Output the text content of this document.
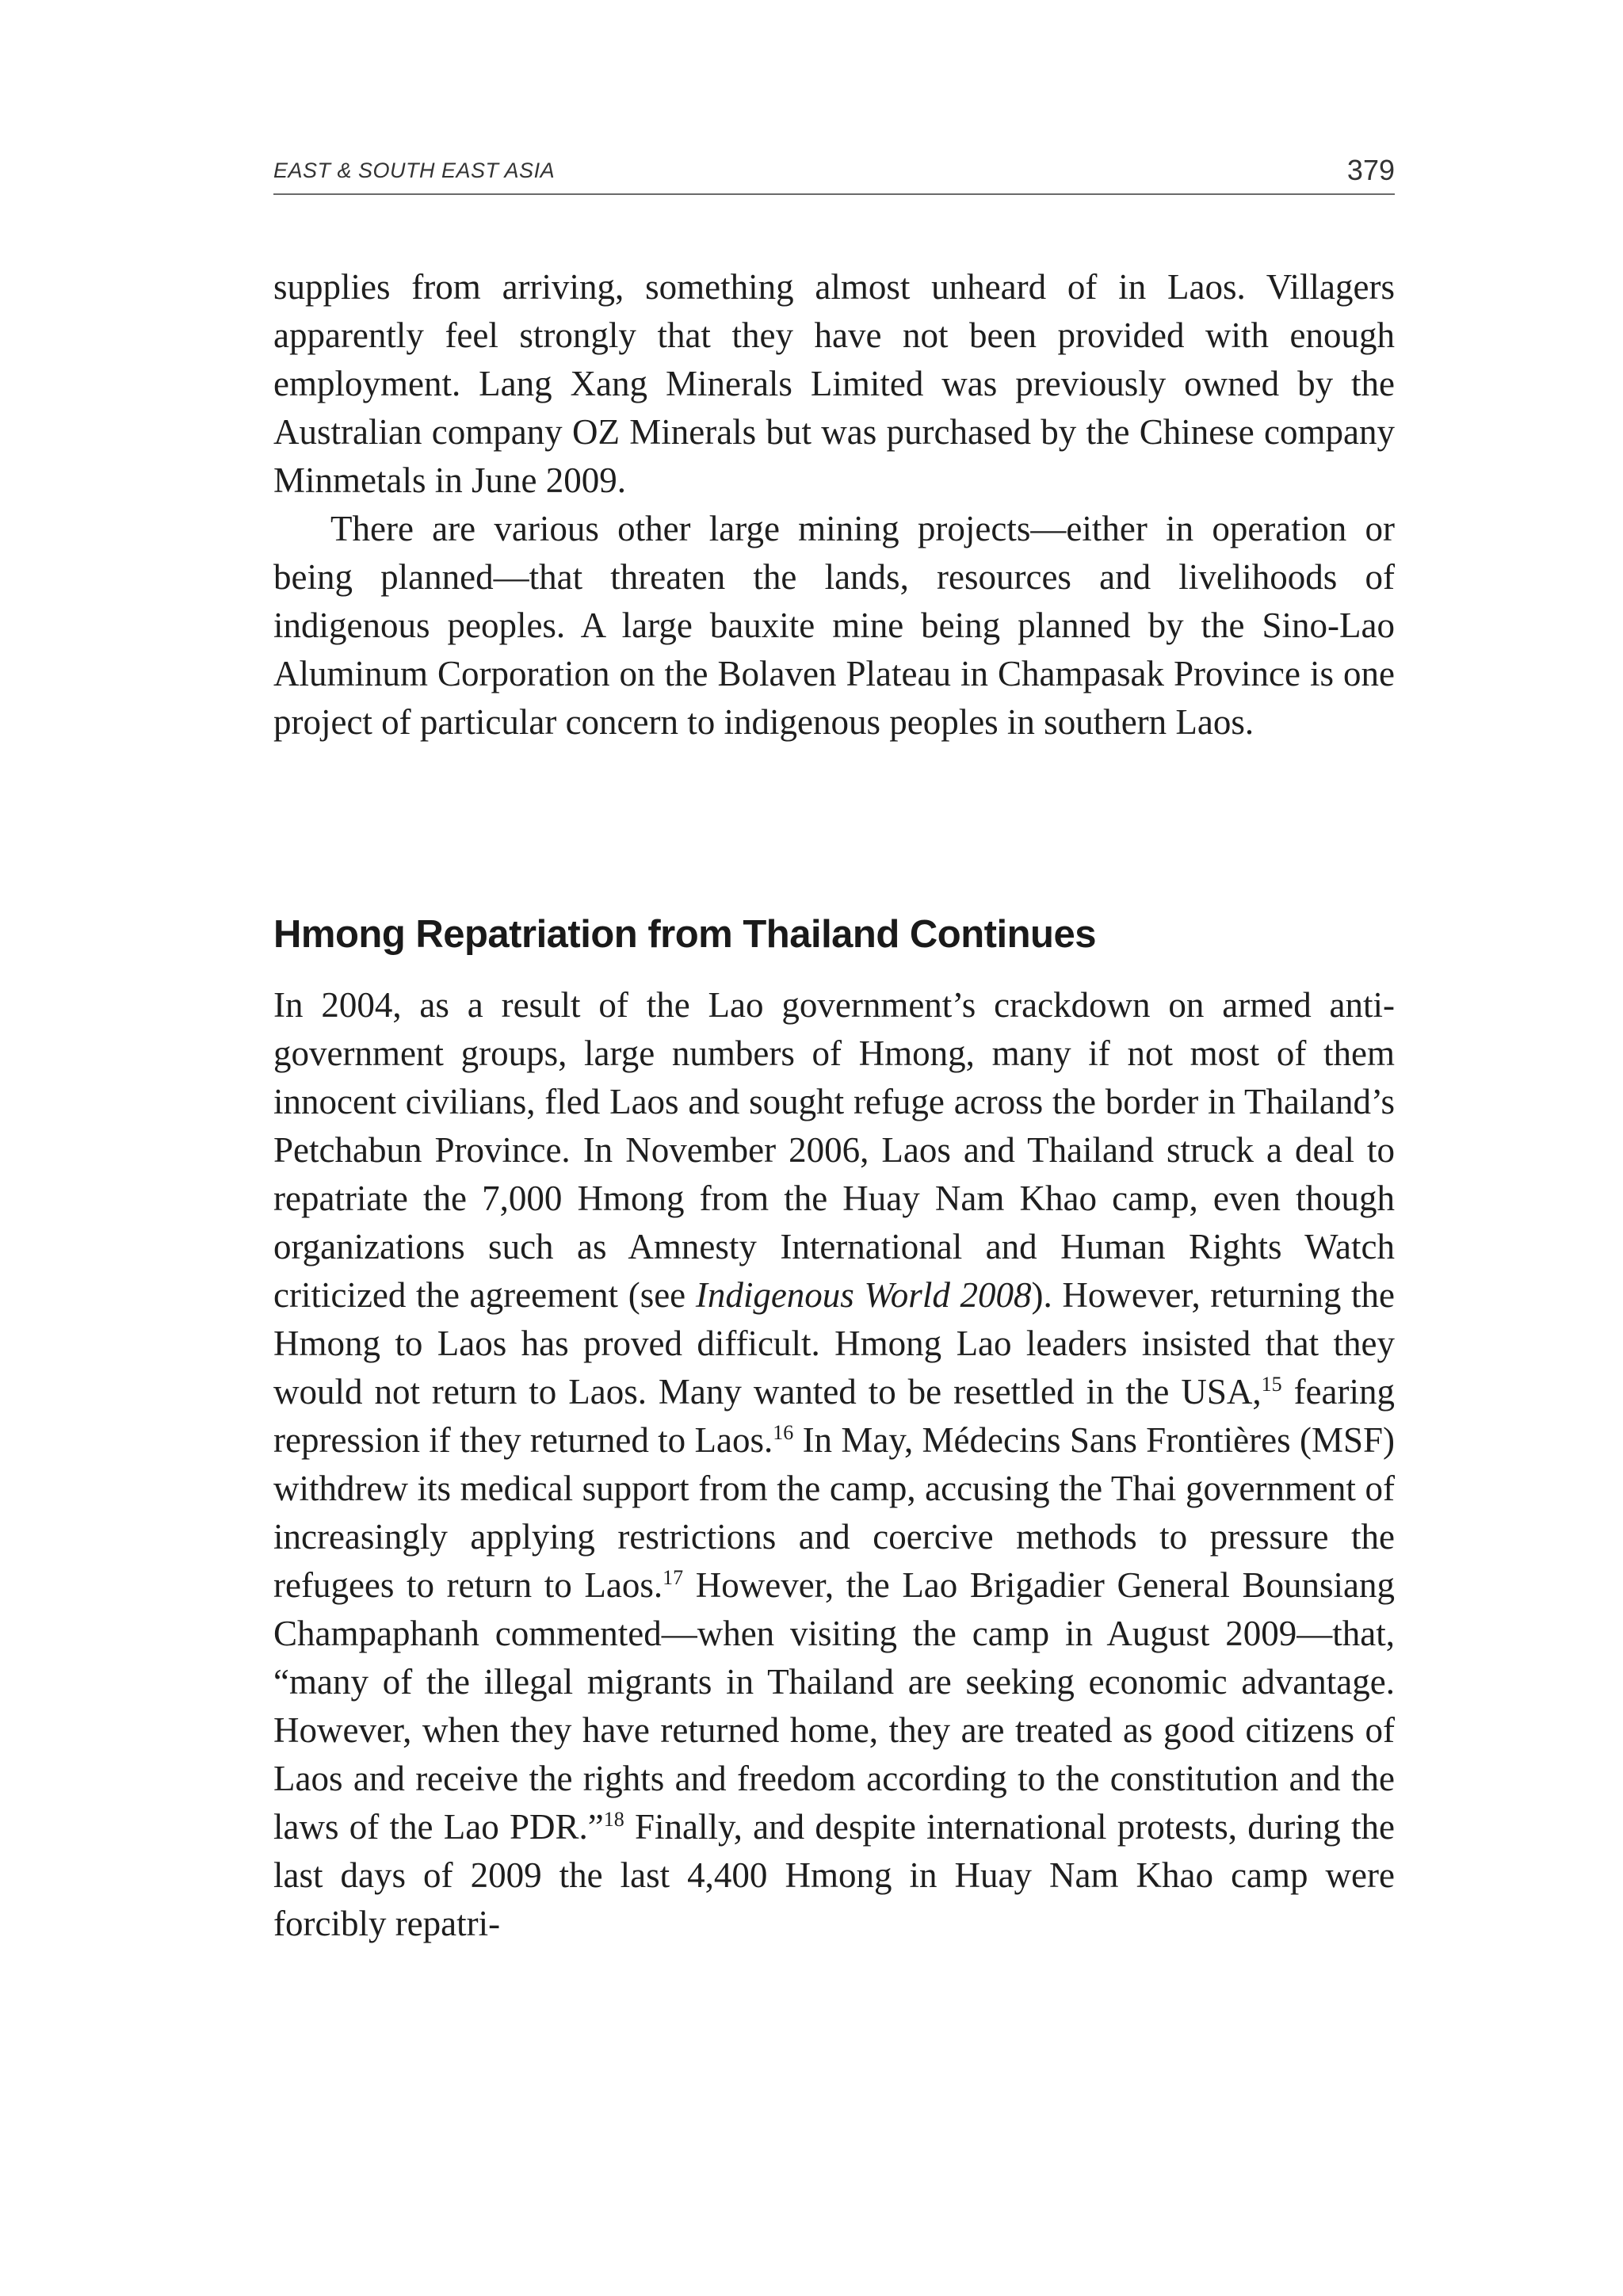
EAST & SOUTH EAST ASIA	379

supplies from arriving, something almost unheard of in Laos. Villagers apparently feel strongly that they have not been provided with enough employment. Lang Xang Minerals Limited was previously owned by the Australian company OZ Minerals but was purchased by the Chinese company Minmetals in June 2009.

There are various other large mining projects—either in operation or being planned—that threaten the lands, resources and livelihoods of indigenous peoples. A large bauxite mine being planned by the Sino-Lao Aluminum Corporation on the Bolaven Plateau in Champasak Province is one project of particular concern to indigenous peoples in southern Laos.

Hmong Repatriation from Thailand Continues

In 2004, as a result of the Lao government’s crackdown on armed anti-government groups, large numbers of Hmong, many if not most of them innocent civilians, fled Laos and sought refuge across the border in Thailand’s Petchabun Province. In November 2006, Laos and Thailand struck a deal to repatriate the 7,000 Hmong from the Huay Nam Khao camp, even though organizations such as Amnesty International and Human Rights Watch criticized the agreement (see Indigenous World 2008). However, returning the Hmong to Laos has proved difficult. Hmong Lao leaders insisted that they would not return to Laos. Many wanted to be resettled in the USA,$^{15}$ fearing repression if they returned to Laos.$^{16}$ In May, Médecins Sans Frontières (MSF) withdrew its medical support from the camp, accusing the Thai government of increasingly applying restrictions and coercive methods to pressure the refugees to return to Laos.$^{17}$ However, the Lao Brigadier General Bounsiang Champaphanh commented—when visiting the camp in August 2009—that, “many of the illegal migrants in Thailand are seeking economic advantage. However, when they have returned home, they are treated as good citizens of Laos and receive the rights and freedom according to the constitution and the laws of the Lao PDR.”$^{18}$ Finally, and despite international protests, during the last days of 2009 the last 4,400 Hmong in Huay Nam Khao camp were forcibly repatri-
